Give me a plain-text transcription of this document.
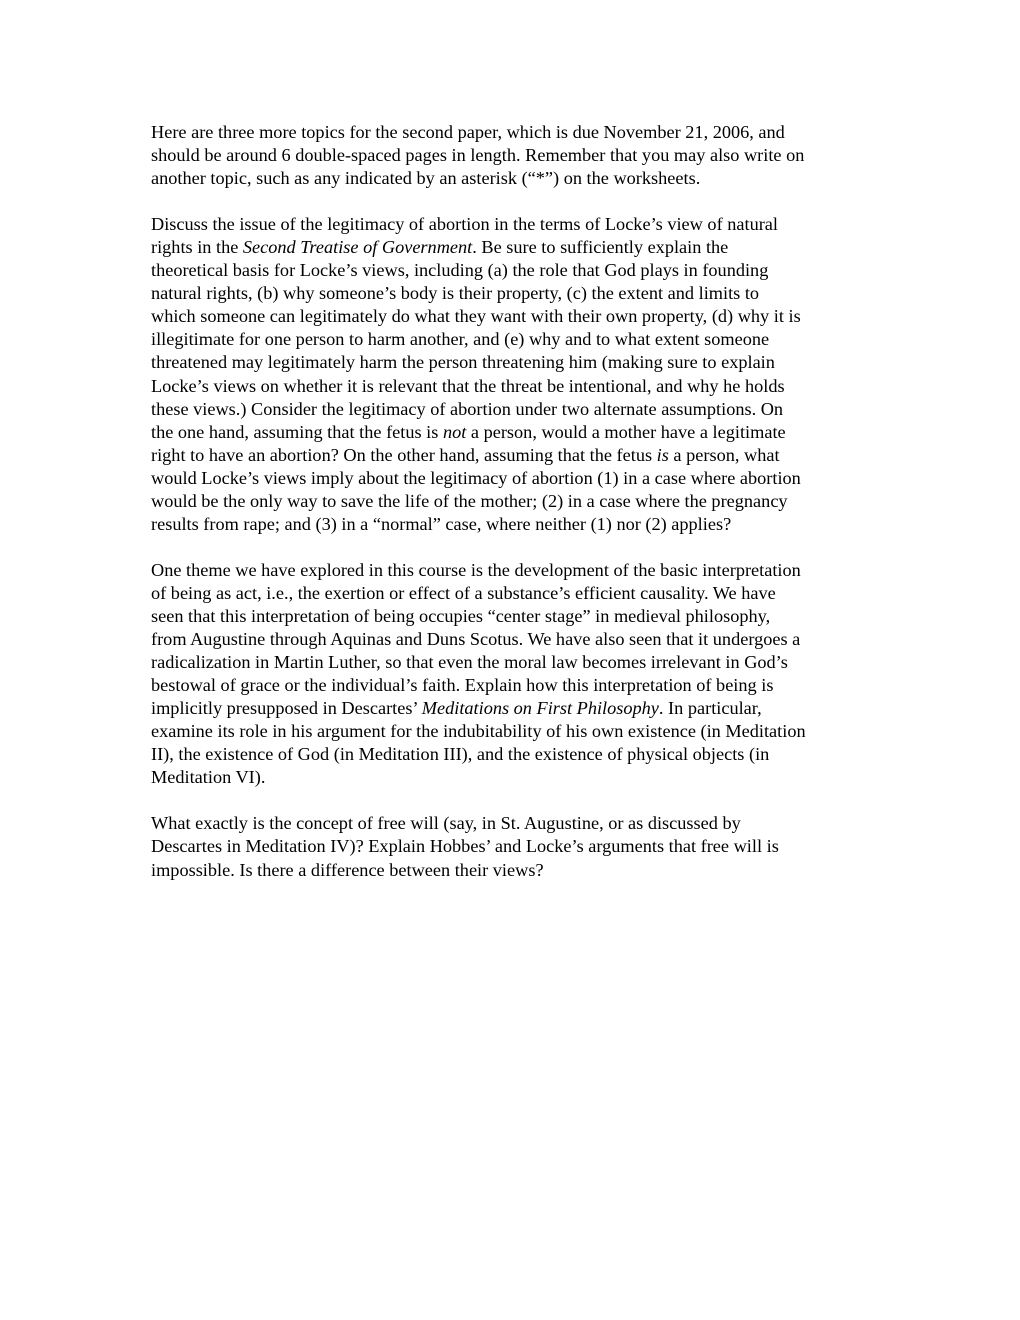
Here are three more topics for the second paper, which is due November 21, 2006, and
should be around 6 double-spaced pages in length. Remember that you may also write on
another topic, such as any indicated by an asterisk (“*”) on the worksheets.

Discuss the issue of the legitimacy of abortion in the terms of Locke’s view of natural
rights in the Second Treatise of Government. Be sure to sufficiently explain the
theoretical basis for Locke’s views, including (a) the role that God plays in founding
natural rights, (b) why someone’s body is their property, (c) the extent and limits to
which someone can legitimately do what they want with their own property, (d) why it is
illegitimate for one person to harm another, and (e) why and to what extent someone
threatened may legitimately harm the person threatening him (making sure to explain
Locke’s views on whether it is relevant that the threat be intentional, and why he holds
these views.) Consider the legitimacy of abortion under two alternate assumptions. On
the one hand, assuming that the fetus is not a person, would a mother have a legitimate
right to have an abortion? On the other hand, assuming that the fetus is a person, what
would Locke’s views imply about the legitimacy of abortion (1) in a case where abortion
would be the only way to save the life of the mother; (2) in a case where the pregnancy
results from rape; and (3) in a “normal” case, where neither (1) nor (2) applies?

One theme we have explored in this course is the development of the basic interpretation
of being as act, i.e., the exertion or effect of a substance’s efficient causality. We have
seen that this interpretation of being occupies “center stage” in medieval philosophy,
from Augustine through Aquinas and Duns Scotus. We have also seen that it undergoes a
radicalization in Martin Luther, so that even the moral law becomes irrelevant in God’s
bestowal of grace or the individual’s faith. Explain how this interpretation of being is
implicitly presupposed in Descartes’ Meditations on First Philosophy. In particular,
examine its role in his argument for the indubitability of his own existence (in Meditation
II), the existence of God (in Meditation III), and the existence of physical objects (in
Meditation VI).

What exactly is the concept of free will (say, in St. Augustine, or as discussed by
Descartes in Meditation IV)? Explain Hobbes’ and Locke’s arguments that free will is
impossible. Is there a difference between their views?
